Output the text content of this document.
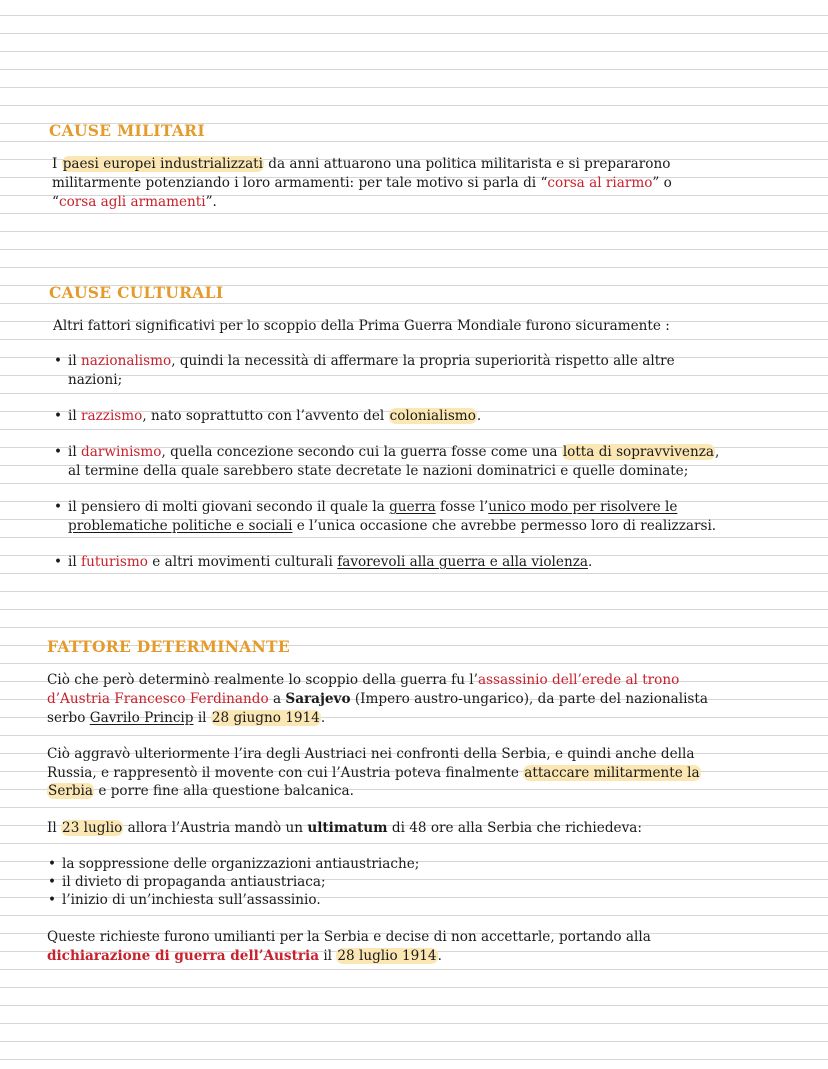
CAUSE MILITARI
I paesi europei industrializzati da anni attuarono una politica militarista e si prepararono
militarmente potenziando i loro armamenti: per tale motivo si parla di “corsa al riarmo” o
“corsa agli armamenti”.
CAUSE CULTURALI
Altri fattori significativi per lo scoppio della Prima Guerra Mondiale furono sicuramente :
• il nazionalismo, quindi la necessità di affermare la propria superiorità rispetto alle altre
nazioni;
• il razzismo, nato soprattutto con l’avvento del colonialismo.
• il darwinismo, quella concezione secondo cui la guerra fosse come una lotta di sopravvivenza,
al termine della quale sarebbero state decretate le nazioni dominatrici e quelle dominate;
• il pensiero di molti giovani secondo il quale la guerra fosse l’unico modo per risolvere le
problematiche politiche e sociali e l’unica occasione che avrebbe permesso loro di realizzarsi.
• il futurismo e altri movimenti culturali favorevoli alla guerra e alla violenza.
FATTORE DETERMINANTE
Ciò che però determinò realmente lo scoppio della guerra fu l’assassinio dell’erede al trono
d’Austria Francesco Ferdinando a Sarajevo (Impero austro-ungarico), da parte del nazionalista
serbo Gavrilo Princip il 28 giugno 1914.
Ciò aggravò ulteriormente l’ira degli Austriaci nei confronti della Serbia, e quindi anche della
Russia, e rappresentò il movente con cui l’Austria poteva finalmente attaccare militarmente la
Serbia e porre fine alla questione balcanica.
Il 23 luglio allora l’Austria mandò un ultimatum di 48 ore alla Serbia che richiedeva:
• la soppressione delle organizzazioni antiaustriache;
• il divieto di propaganda antiaustriaca;
• l’inizio di un’inchiesta sull’assassinio.
Queste richieste furono umilianti per la Serbia e decise di non accettarle, portando alla
dichiarazione di guerra dell’Austria il 28 luglio 1914.
